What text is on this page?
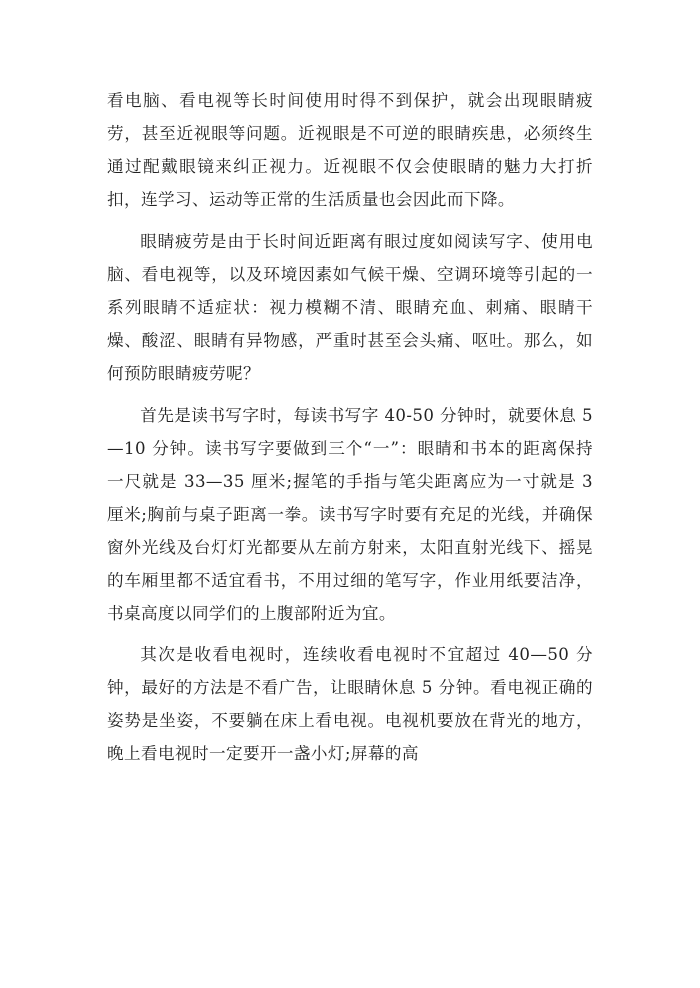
看电脑、看电视等长时间使用时得不到保护，就会出现眼睛疲劳，甚至近视眼等问题。近视眼是不可逆的眼睛疾患，必须终生通过配戴眼镜来纠正视力。近视眼不仅会使眼睛的魅力大打折扣，连学习、运动等正常的生活质量也会因此而下降。

眼睛疲劳是由于长时间近距离有眼过度如阅读写字、使用电脑、看电视等，以及环境因素如气候干燥、空调环境等引起的一系列眼睛不适症状：视力模糊不清、眼睛充血、刺痛、眼睛干燥、酸涩、眼睛有异物感，严重时甚至会头痛、呕吐。那么，如何预防眼睛疲劳呢？

首先是读书写字时，每读书写字 40-50 分钟时，就要休息 5—10 分钟。读书写字要做到三个“一”：眼睛和书本的距离保持一尺就是 33—35 厘米;握笔的手指与笔尖距离应为一寸就是 3 厘米;胸前与桌子距离一拳。读书写字时要有充足的光线，并确保窗外光线及台灯灯光都要从左前方射来，太阳直射光线下、摇晃的车厢里都不适宜看书，不用过细的笔写字，作业用纸要洁净，书桌高度以同学们的上腹部附近为宜。

其次是收看电视时，连续收看电视时不宜超过 40—50 分钟，最好的方法是不看广告，让眼睛休息 5 分钟。看电视正确的姿势是坐姿，不要躺在床上看电视。电视机要放在背光的地方，晚上看电视时一定要开一盏小灯;屏幕的高
